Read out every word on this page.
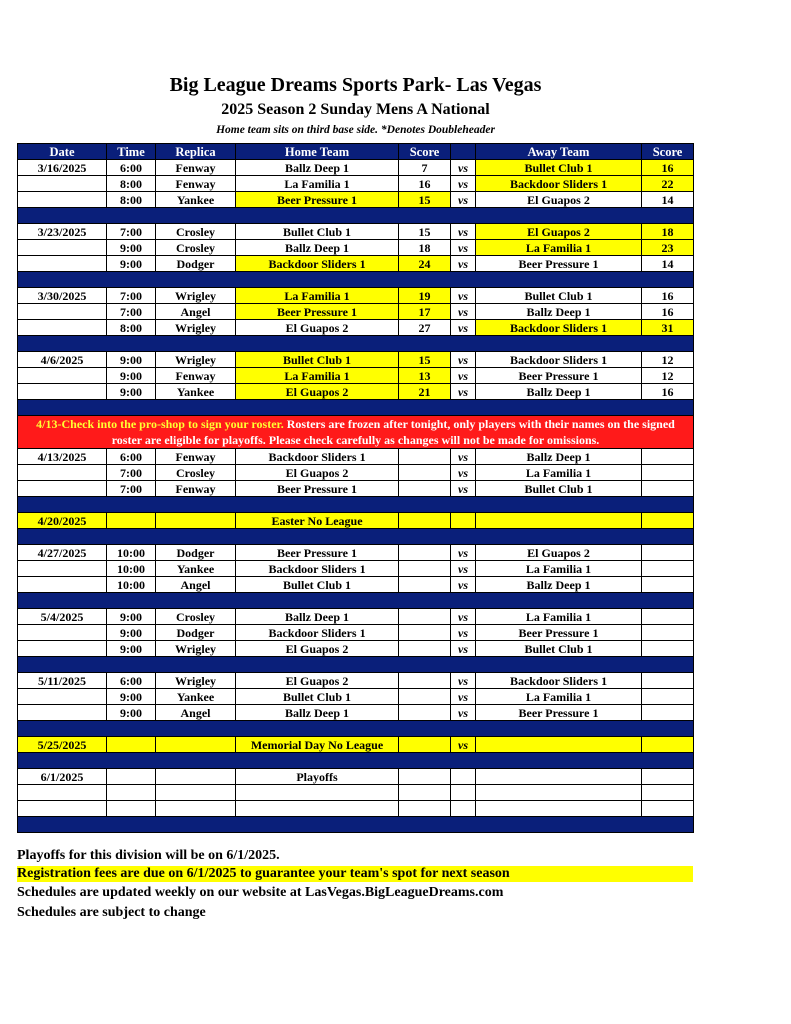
Big League Dreams Sports Park- Las Vegas
2025 Season 2 Sunday Mens A National
Home team sits on third base side. *Denotes Doubleheader
Date	Time	Replica	Home Team	Score		Away Team	Score
3/16/2025	6:00	Fenway	Ballz Deep 1	7	vs	Bullet Club 1	16
	8:00	Fenway	La Familia 1	16	vs	Backdoor Sliders 1	22
	8:00	Yankee	Beer Pressure 1	15	vs	El Guapos 2	14

3/23/2025	7:00	Crosley	Bullet Club 1	15	vs	El Guapos 2	18
	9:00	Crosley	Ballz Deep 1	18	vs	La Familia 1	23
	9:00	Dodger	Backdoor Sliders 1	24	vs	Beer Pressure 1	14

3/30/2025	7:00	Wrigley	La Familia 1	19	vs	Bullet Club 1	16
	7:00	Angel	Beer Pressure 1	17	vs	Ballz Deep 1	16
	8:00	Wrigley	El Guapos 2	27	vs	Backdoor Sliders 1	31

4/6/2025	9:00	Wrigley	Bullet Club 1	15	vs	Backdoor Sliders 1	12
	9:00	Fenway	La Familia 1	13	vs	Beer Pressure 1	12
	9:00	Yankee	El Guapos 2	21	vs	Ballz Deep 1	16

4/13-Check into the pro-shop to sign your roster. Rosters are frozen after tonight, only players with their names on the signed roster are eligible for playoffs. Please check carefully as changes will not be made for omissions.							
4/13/2025	6:00	Fenway	Backdoor Sliders 1		vs	Ballz Deep 1	
	7:00	Crosley	El Guapos 2		vs	La Familia 1	
	7:00	Fenway	Beer Pressure 1		vs	Bullet Club 1	

4/20/2025			Easter No League				

4/27/2025	10:00	Dodger	Beer Pressure 1		vs	El Guapos 2	
	10:00	Yankee	Backdoor Sliders 1		vs	La Familia 1	
	10:00	Angel	Bullet Club 1		vs	Ballz Deep 1	

5/4/2025	9:00	Crosley	Ballz Deep 1		vs	La Familia 1	
	9:00	Dodger	Backdoor Sliders 1		vs	Beer Pressure 1	
	9:00	Wrigley	El Guapos 2		vs	Bullet Club 1	

5/11/2025	6:00	Wrigley	El Guapos 2		vs	Backdoor Sliders 1	
	9:00	Yankee	Bullet Club 1		vs	La Familia 1	
	9:00	Angel	Ballz Deep 1		vs	Beer Pressure 1	

5/25/2025			Memorial Day No League		vs		

6/1/2025			Playoffs				

Playoffs for this division will be on 6/1/2025.
Registration fees are due on 6/1/2025 to guarantee your team's spot for next season
Schedules are updated weekly on our website at LasVegas.BigLeagueDreams.com
Schedules are subject to change
